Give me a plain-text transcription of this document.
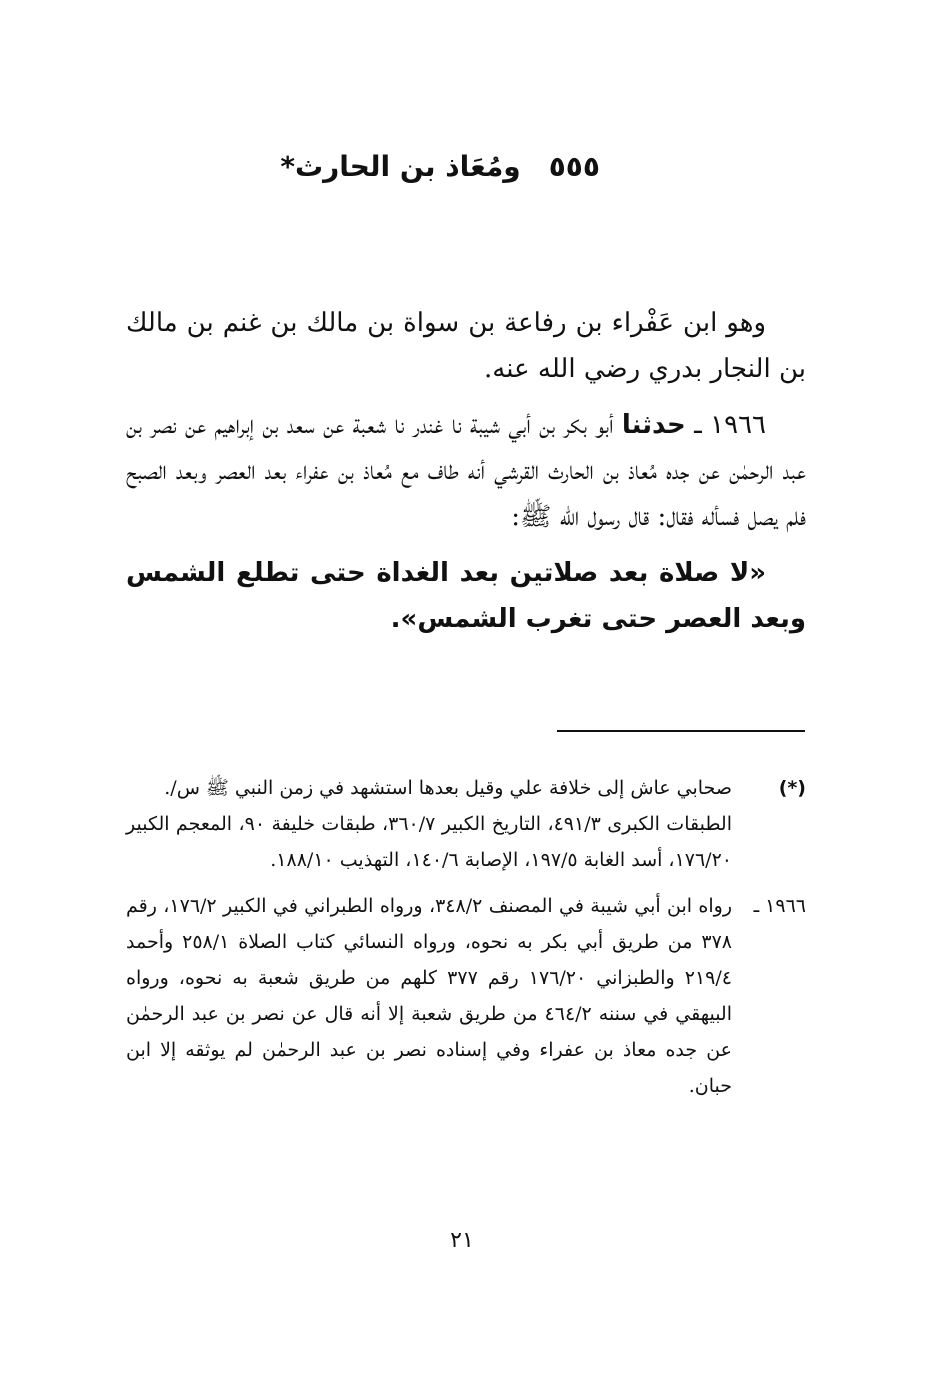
٥٥٥ومُعَاذ بن الحارث*

وهو ابن عَفْراء بن رفاعة بن سواة بن مالك بن غنم بن مالك بن النجار بدري رضي الله عنه.

١٩٦٦ ـ حدثنا أبو بكر بن أبي شيبة نا غندر نا شعبة عن سعد بن إبراهيم عن نصر بن عبد الرحمٰن عن جده مُعاذ بن الحارث القرشي أنه طاف مع مُعاذ بن عفراء بعد العصر وبعد الصبح فلم يصل فسأله فقال: قال رسول الله ﷺ:

«لا صلاة بعد صلاتين بعد الغداة حتى تطلع الشمس وبعد العصر حتى تغرب الشمس».

(*)
صحابي عاش إلى خلافة علي وقيل بعدها استشهد في زمن النبي ﷺ س/.
الطبقات الكبرى ٤٩١/٣، التاريخ الكبير ٣٦٠/٧، طبقات خليفة ٩٠، المعجم الكبير ١٧٦/٢٠، أسد الغابة ١٩٧/٥، الإصابة ١٤٠/٦، التهذيب ١٨٨/١٠.
١٩٦٦ ـ
رواه ابن أبي شيبة في المصنف ٣٤٨/٢، ورواه الطبراني في الكبير ١٧٦/٢، رقم ٣٧٨ من طريق أبي بكر به نحوه، ورواه النسائي كتاب الصلاة ٢٥٨/١ وأحمد ٢١٩/٤ والطبزاني ١٧٦/٢٠ رقم ٣٧٧ كلهم من طريق شعبة به نحوه، ورواه البيهقي في سننه ٤٦٤/٢ من طريق شعبة إلا أنه قال عن نصر بن عبد الرحمٰن عن جده معاذ بن عفراء وفي إسناده نصر بن عبد الرحمٰن لم يوثقه إلا ابن حبان.
٢١
